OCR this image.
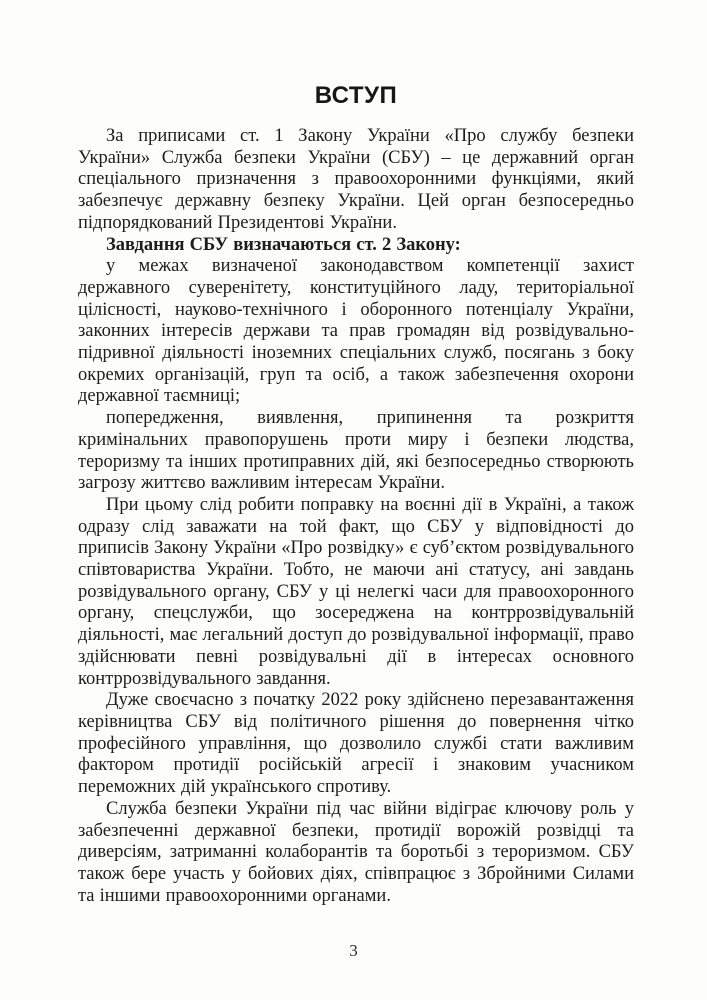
ВСТУП

За приписами ст. 1 Закону України «Про службу безпеки України» Служба безпеки України (СБУ) – це державний орган спеціального призначення з правоохоронними функціями, який забезпечує державну безпеку України. Цей орган безпосередньо підпорядкований Президентові України.

Завдання СБУ визначаються ст. 2 Закону:

у межах визначеної законодавством компетенції захист державного суверенітету, конституційного ладу, територіальної цілісності, науково-технічного і оборонного потенціалу України, законних інтересів держави та прав громадян від розвідувально-підривної діяльності іноземних спеціальних служб, посягань з боку окремих організацій, груп та осіб, а також забезпечення охорони державної таємниці;

попередження, виявлення, припинення та розкриття кримінальних правопорушень проти миру і безпеки людства, тероризму та інших протиправних дій, які безпосередньо створюють загрозу життєво важливим інтересам України.

При цьому слід робити поправку на воєнні дії в Україні, а також одразу слід заважати на той факт, що СБУ у відповідності до приписів Закону України «Про розвідку» є суб’єктом розвідувального співтовариства України. Тобто, не маючи ані статусу, ані завдань розвідувального органу, СБУ у ці нелегкі часи для правоохоронного органу, спецслужби, що зосереджена на контррозвідувальній діяльності, має легальний доступ до розвідувальної інформації, право здійснювати певні розвідувальні дії в інтересах основного контррозвідувального завдання.

Дуже своєчасно з початку 2022 року здійснено перезавантаження керівництва СБУ від політичного рішення до повернення чітко професійного управління, що дозволило службі стати важливим фактором протидії російській агресії і знаковим учасником переможних дій українського спротиву.

Служба безпеки України під час війни відіграє ключову роль у забезпеченні державної безпеки, протидії ворожій розвідці та диверсіям, затриманні колаборантів та боротьбі з тероризмом. СБУ також бере участь у бойових діях, співпрацює з Збройними Силами та іншими правоохоронними органами.

3
